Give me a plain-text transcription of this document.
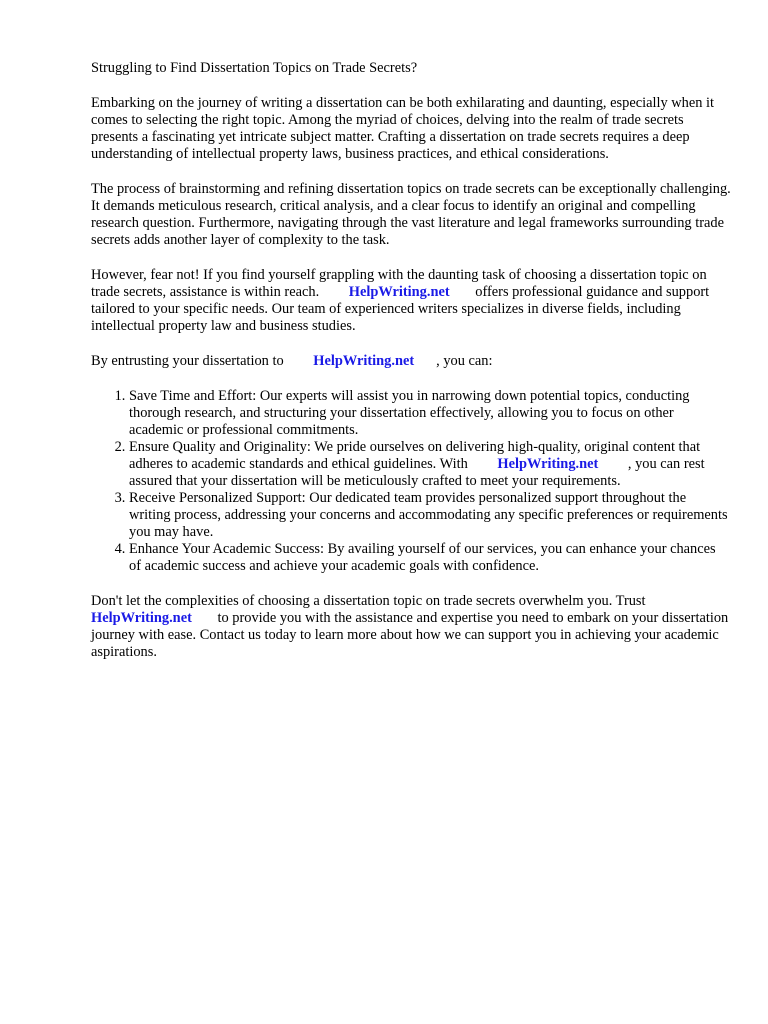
Struggling to Find Dissertation Topics on Trade Secrets?

Embarking on the journey of writing a dissertation can be both exhilarating and daunting, especially when it comes to selecting the right topic. Among the myriad of choices, delving into the realm of trade secrets presents a fascinating yet intricate subject matter. Crafting a dissertation on trade secrets requires a deep understanding of intellectual property laws, business practices, and ethical considerations.

The process of brainstorming and refining dissertation topics on trade secrets can be exceptionally challenging. It demands meticulous research, critical analysis, and a clear focus to identify an original and compelling research question. Furthermore, navigating through the vast literature and legal frameworks surrounding trade secrets adds another layer of complexity to the task.

However, fear not! If you find yourself grappling with the daunting task of choosing a dissertation topic on trade secrets, assistance is within reach. HelpWriting.net offers professional guidance and support tailored to your specific needs. Our team of experienced writers specializes in diverse fields, including intellectual property law and business studies.

By entrusting your dissertation to HelpWriting.net , you can:

1. Save Time and Effort: Our experts will assist you in narrowing down potential topics, conducting thorough research, and structuring your dissertation effectively, allowing you to focus on other academic or professional commitments.
2. Ensure Quality and Originality: We pride ourselves on delivering high-quality, original content that adheres to academic standards and ethical guidelines. With HelpWriting.net , you can rest assured that your dissertation will be meticulously crafted to meet your requirements.
3. Receive Personalized Support: Our dedicated team provides personalized support throughout the writing process, addressing your concerns and accommodating any specific preferences or requirements you may have.
4. Enhance Your Academic Success: By availing yourself of our services, you can enhance your chances of academic success and achieve your academic goals with confidence.

Don't let the complexities of choosing a dissertation topic on trade secrets overwhelm you. Trust HelpWriting.net to provide you with the assistance and expertise you need to embark on your dissertation journey with ease. Contact us today to learn more about how we can support you in achieving your academic aspirations.
